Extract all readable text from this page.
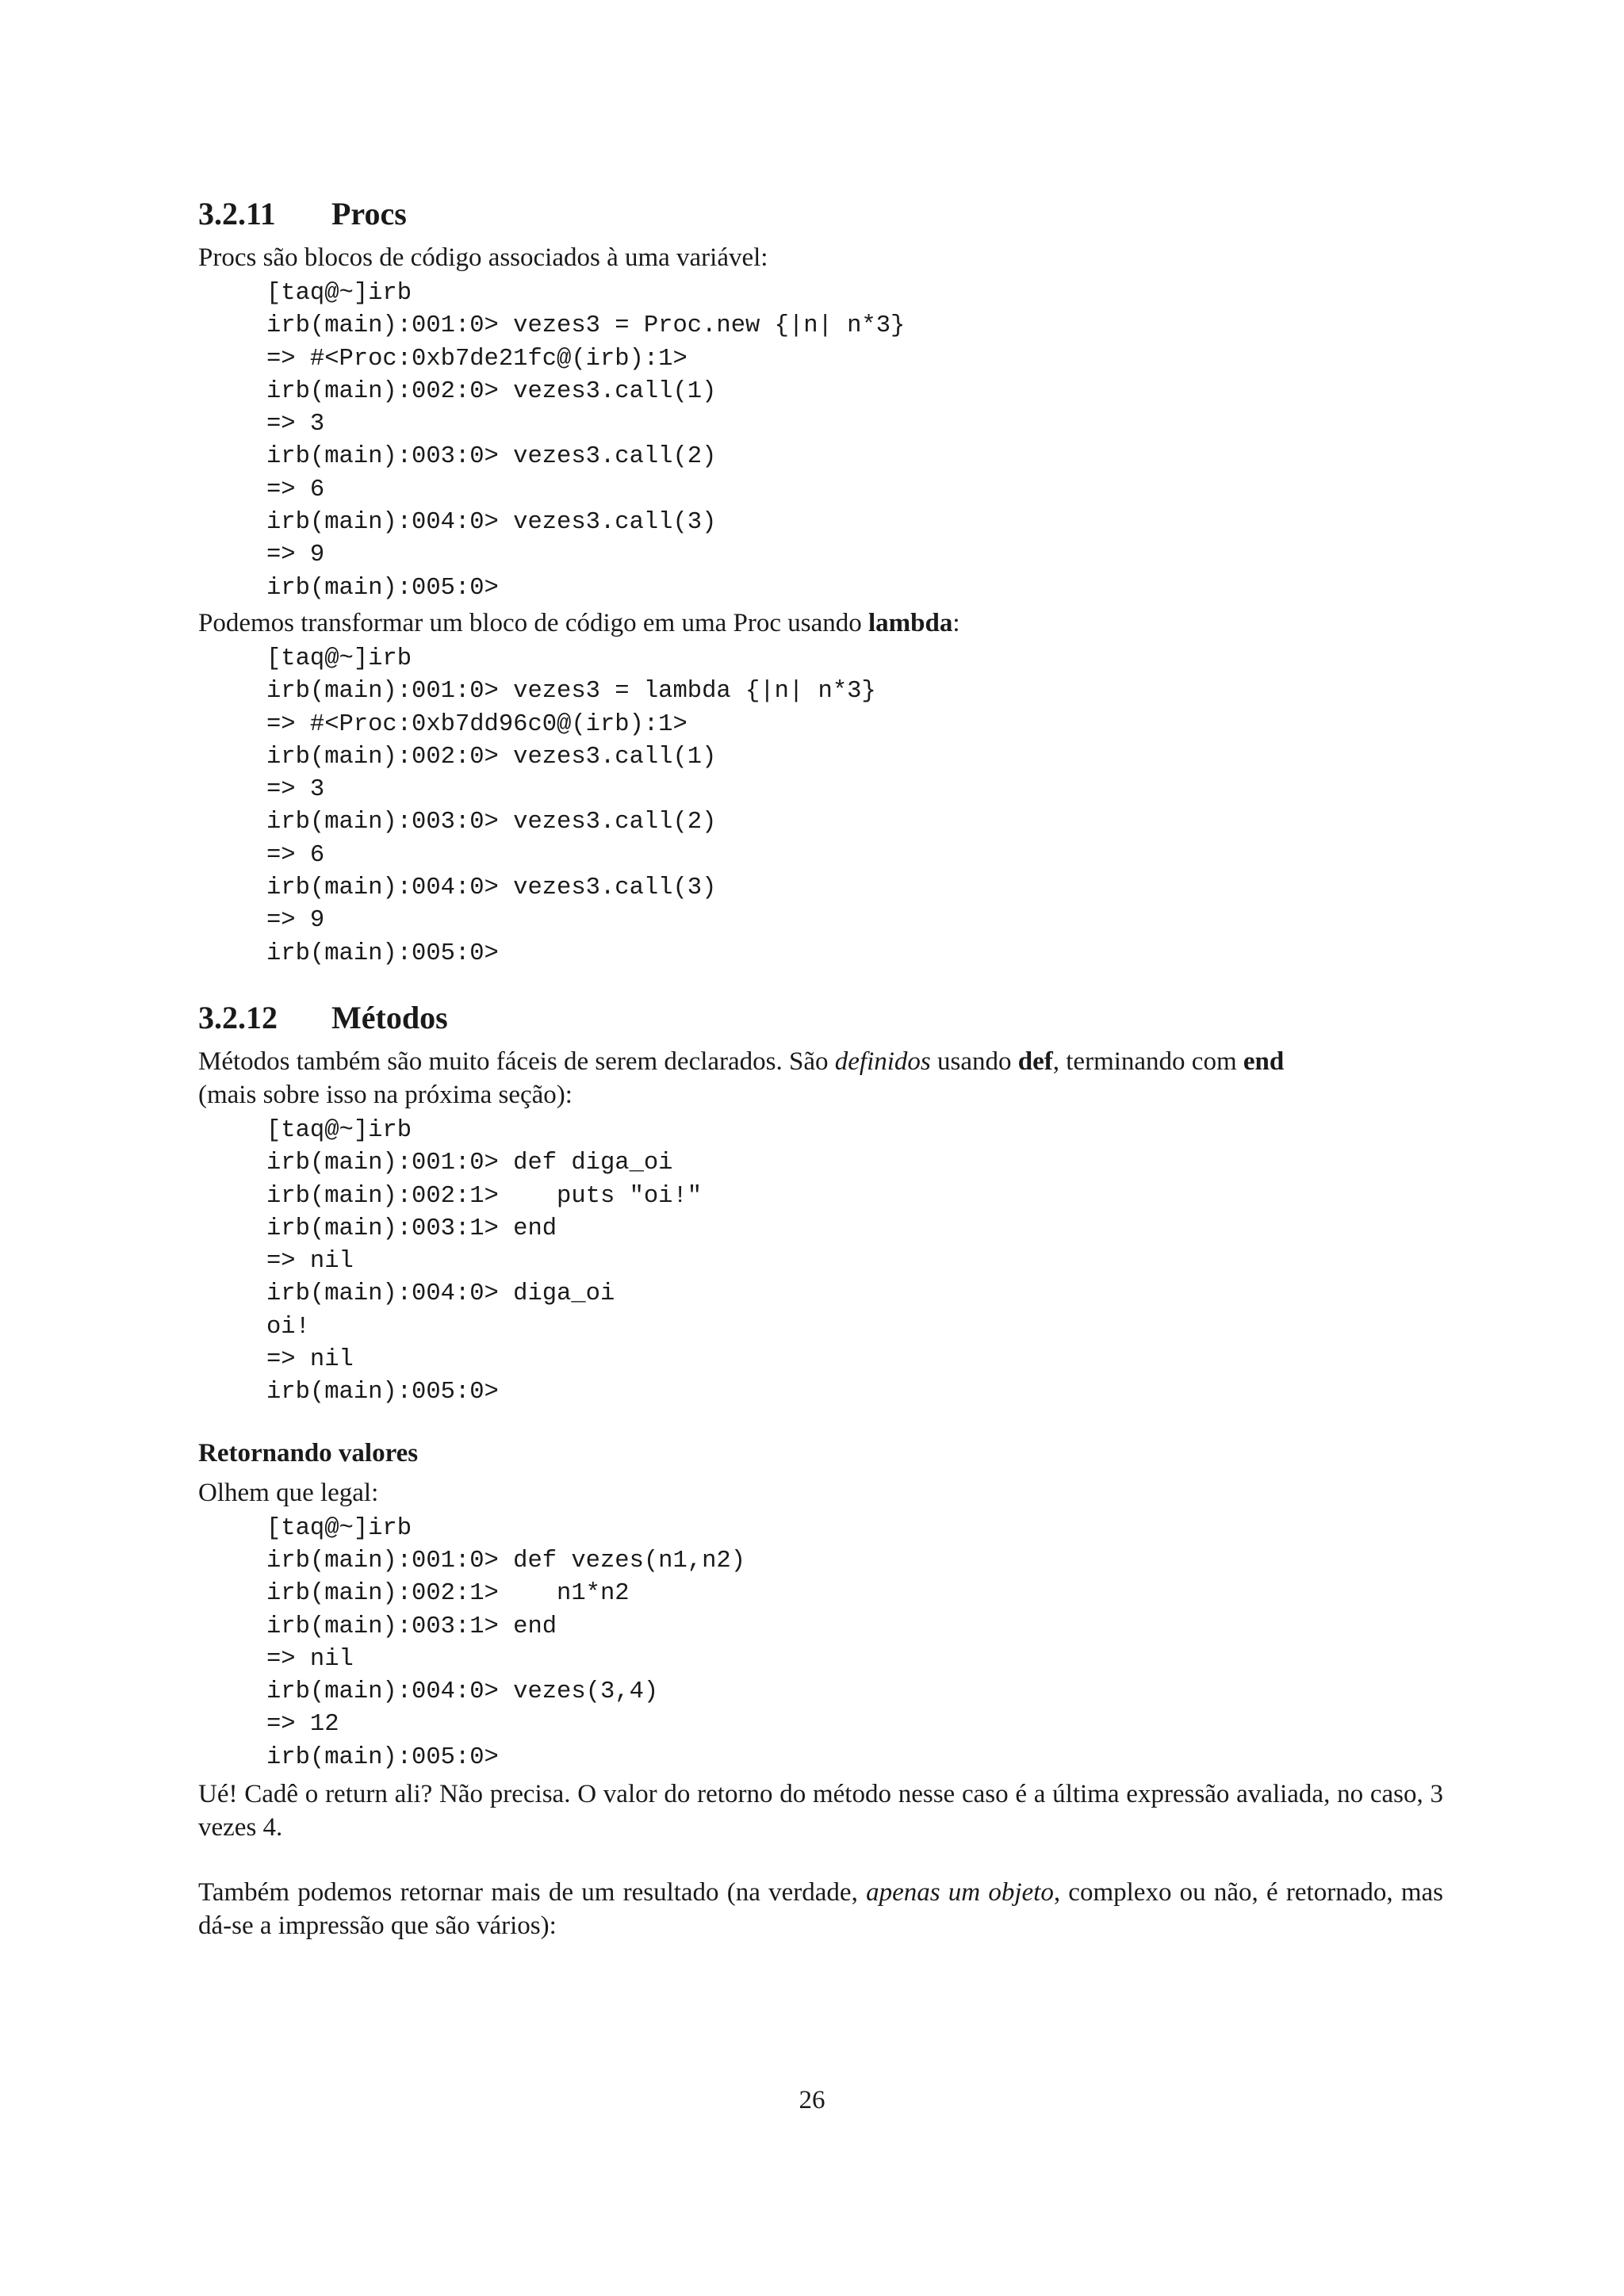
3.2.11 Procs

Procs são blocos de código associados à uma variável:

[taq@~]irb
irb(main):001:0> vezes3 = Proc.new {|n| n*3}
=> #<Proc:0xb7de21fc@(irb):1>
irb(main):002:0> vezes3.call(1)
=> 3
irb(main):003:0> vezes3.call(2)
=> 6
irb(main):004:0> vezes3.call(3)
=> 9
irb(main):005:0>

Podemos transformar um bloco de código em uma Proc usando lambda:

[taq@~]irb
irb(main):001:0> vezes3 = lambda {|n| n*3}
=> #<Proc:0xb7dd96c0@(irb):1>
irb(main):002:0> vezes3.call(1)
=> 3
irb(main):003:0> vezes3.call(2)
=> 6
irb(main):004:0> vezes3.call(3)
=> 9
irb(main):005:0>
3.2.12 Métodos

Métodos também são muito fáceis de serem declarados. São definidos usando def, terminando com end
(mais sobre isso na próxima seção):

[taq@~]irb
irb(main):001:0> def diga_oi
irb(main):002:1>    puts "oi!"
irb(main):003:1> end
=> nil
irb(main):004:0> diga_oi
oi!
=> nil
irb(main):005:0>
Retornando valores

Olhem que legal:

[taq@~]irb
irb(main):001:0> def vezes(n1,n2)
irb(main):002:1>    n1*n2
irb(main):003:1> end
=> nil
irb(main):004:0> vezes(3,4)
=> 12
irb(main):005:0>

Ué! Cadê o return ali? Não precisa. O valor do retorno do método nesse caso é a última expressão avaliada, no caso, 3 vezes 4.

Também podemos retornar mais de um resultado (na verdade, apenas um objeto, complexo ou não, é retornado, mas dá-se a impressão que são vários):

26
